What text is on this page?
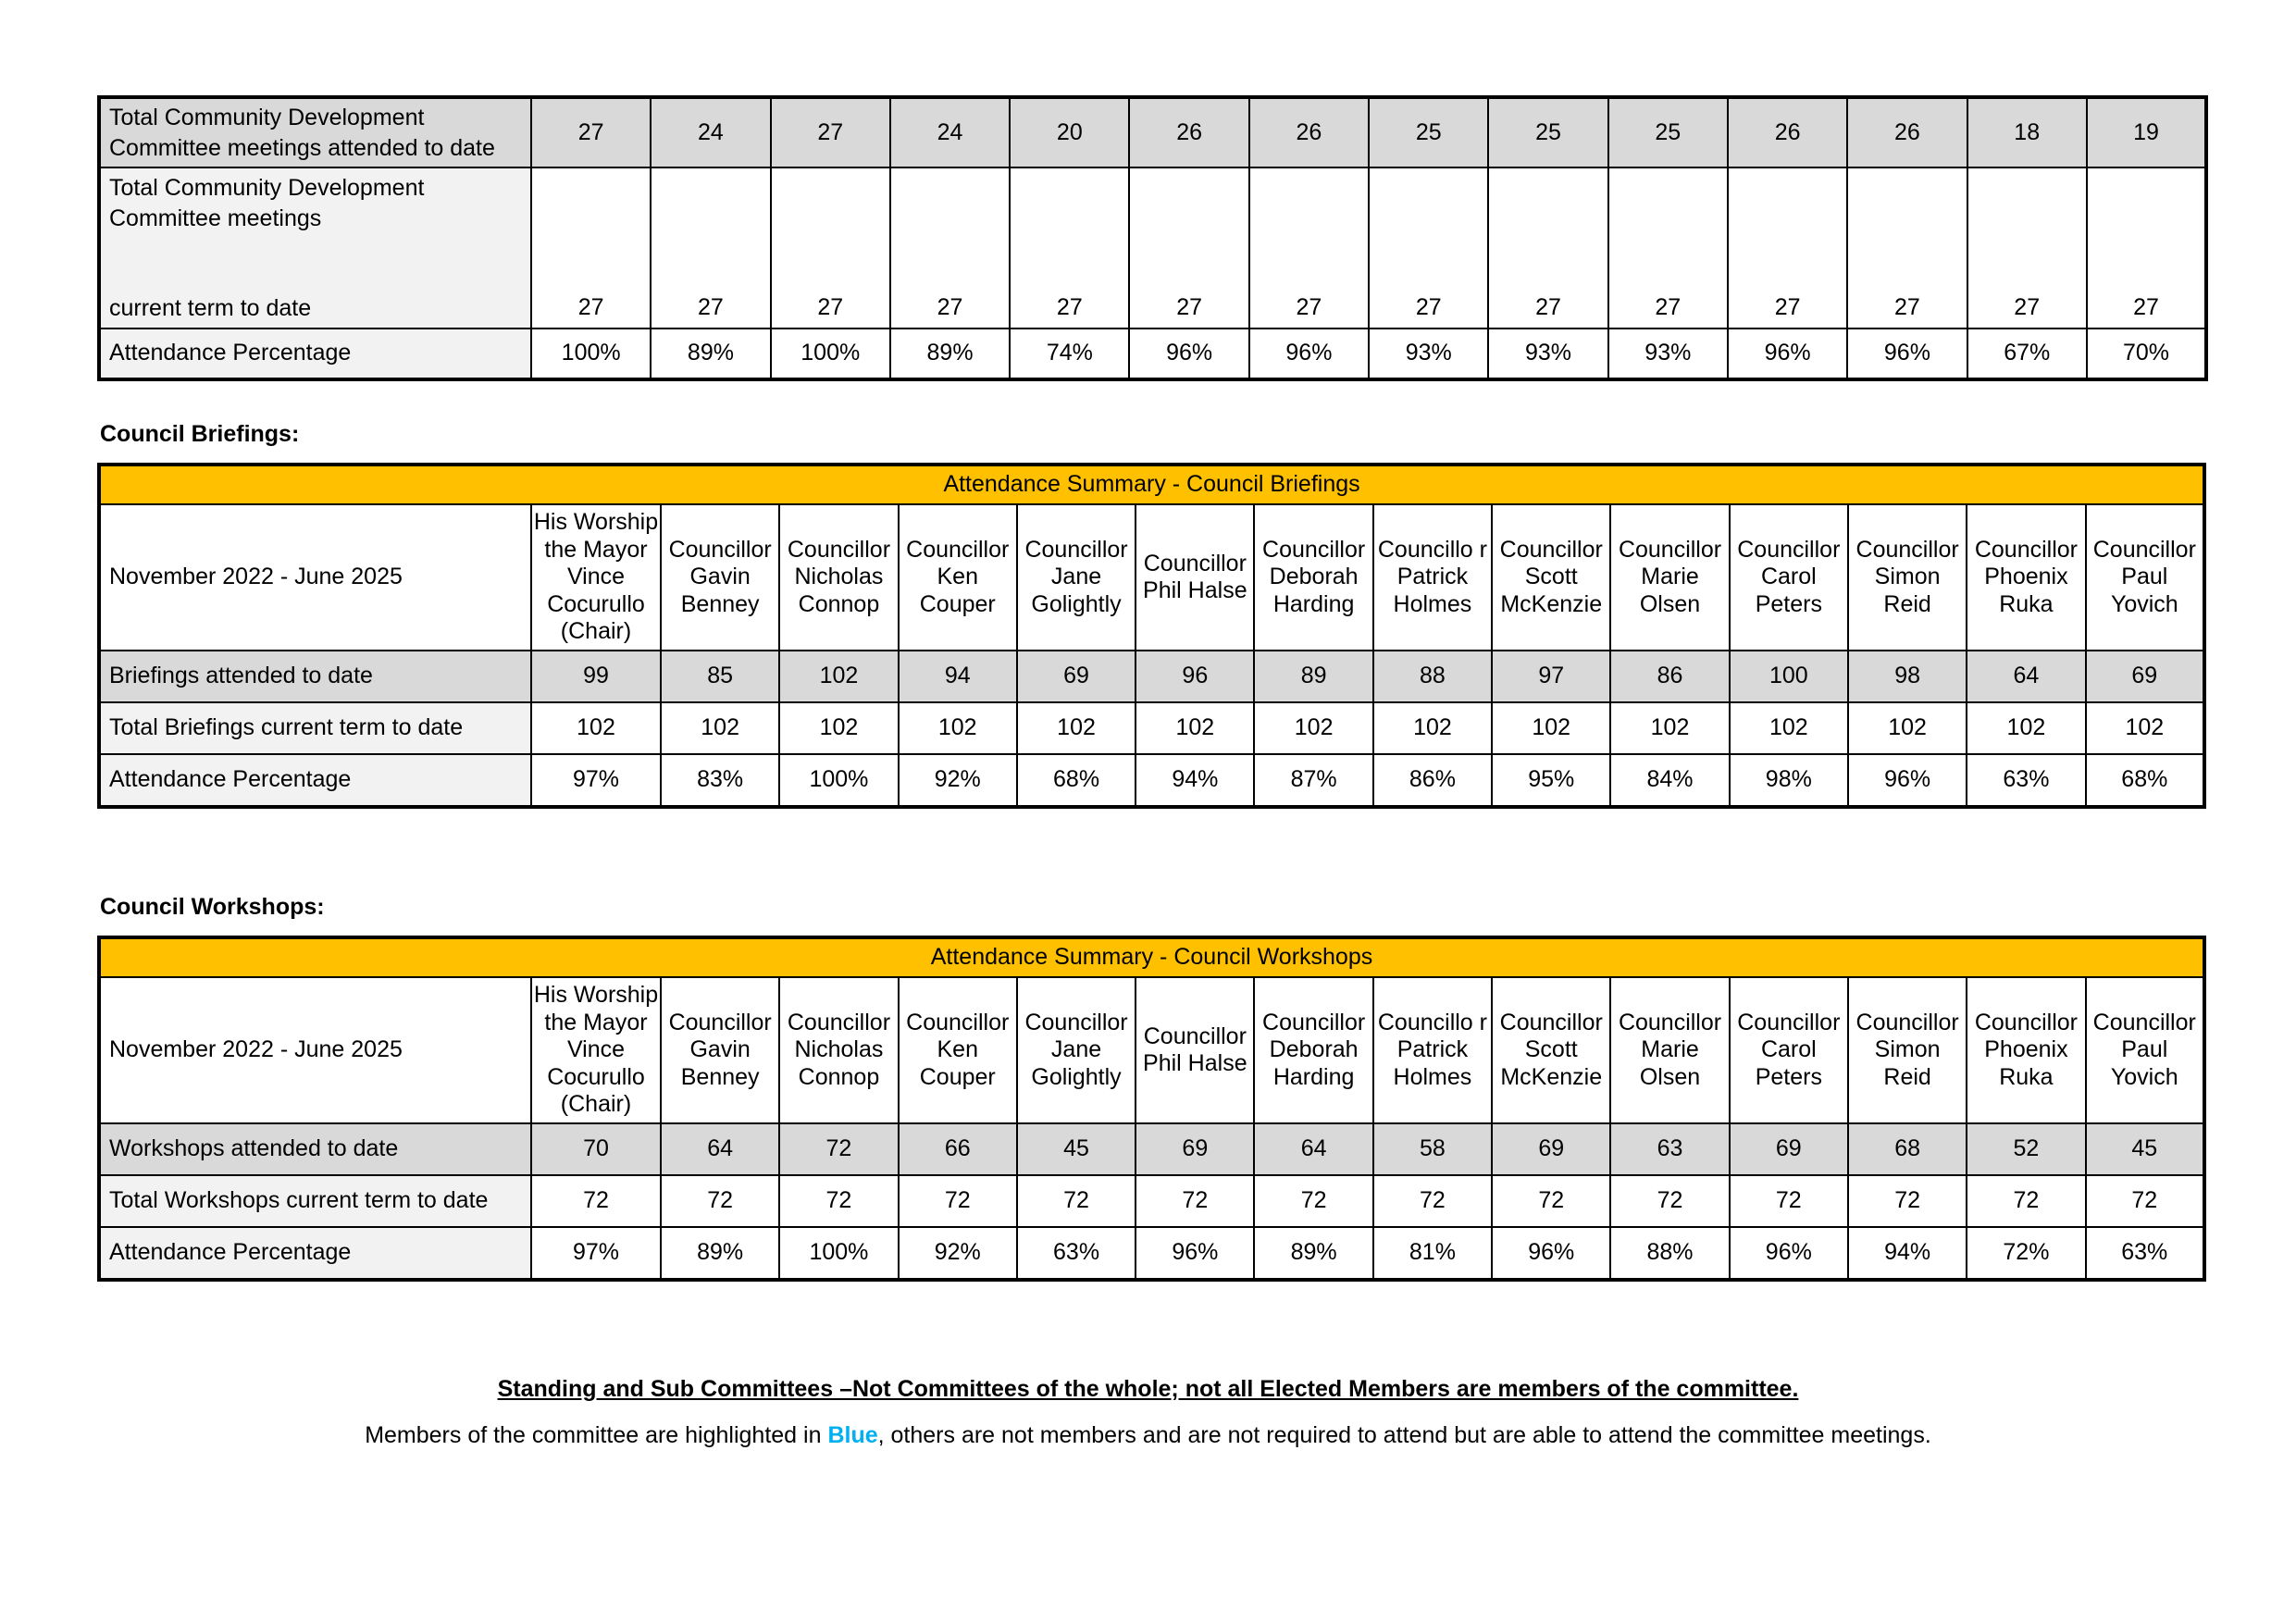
Total Community Development Committee meetings attended to date	27	24	27	24	20	26	26	25	25	25	26	26	18	19
Total Community Development Committee meetings

current term to date	27	27	27	27	27	27	27	27	27	27	27	27	27	27
Attendance Percentage	100%	89%	100%	89%	74%	96%	96%	93%	93%	93%	96%	96%	67%	70%
Council Briefings:
Attendance Summary - Council Briefings														
November 2022 - June 2025	His Worship the Mayor Vince Cocurullo (Chair)	Councillor Gavin Benney	Councillor Nicholas Connop	Councillor Ken Couper	Councillor Jane Golightly	Councillor Phil Halse	Councillor Deborah Harding	Councillo r Patrick Holmes	Councillor Scott McKenzie	Councillor Marie Olsen	Councillor Carol Peters	Councillor Simon Reid	Councillor Phoenix Ruka	Councillor Paul Yovich
Briefings attended to date	99	85	102	94	69	96	89	88	97	86	100	98	64	69
Total Briefings current term to date	102	102	102	102	102	102	102	102	102	102	102	102	102	102
Attendance Percentage	97%	83%	100%	92%	68%	94%	87%	86%	95%	84%	98%	96%	63%	68%
Council Workshops:
Attendance Summary - Council Workshops														
November 2022 - June 2025	His Worship the Mayor Vince Cocurullo (Chair)	Councillor Gavin Benney	Councillor Nicholas Connop	Councillor Ken Couper	Councillor Jane Golightly	Councillor Phil Halse	Councillor Deborah Harding	Councillo r Patrick Holmes	Councillor Scott McKenzie	Councillor Marie Olsen	Councillor Carol Peters	Councillor Simon Reid	Councillor Phoenix Ruka	Councillor Paul Yovich
Workshops attended to date	70	64	72	66	45	69	64	58	69	63	69	68	52	45
Total Workshops current term to date	72	72	72	72	72	72	72	72	72	72	72	72	72	72
Attendance Percentage	97%	89%	100%	92%	63%	96%	89%	81%	96%	88%	96%	94%	72%	63%
Standing and Sub Committees –Not Committees of the whole; not all Elected Members are members of the committee.
Members of the committee are highlighted in Blue, others are not members and are not required to attend but are able to attend the committee meetings.
